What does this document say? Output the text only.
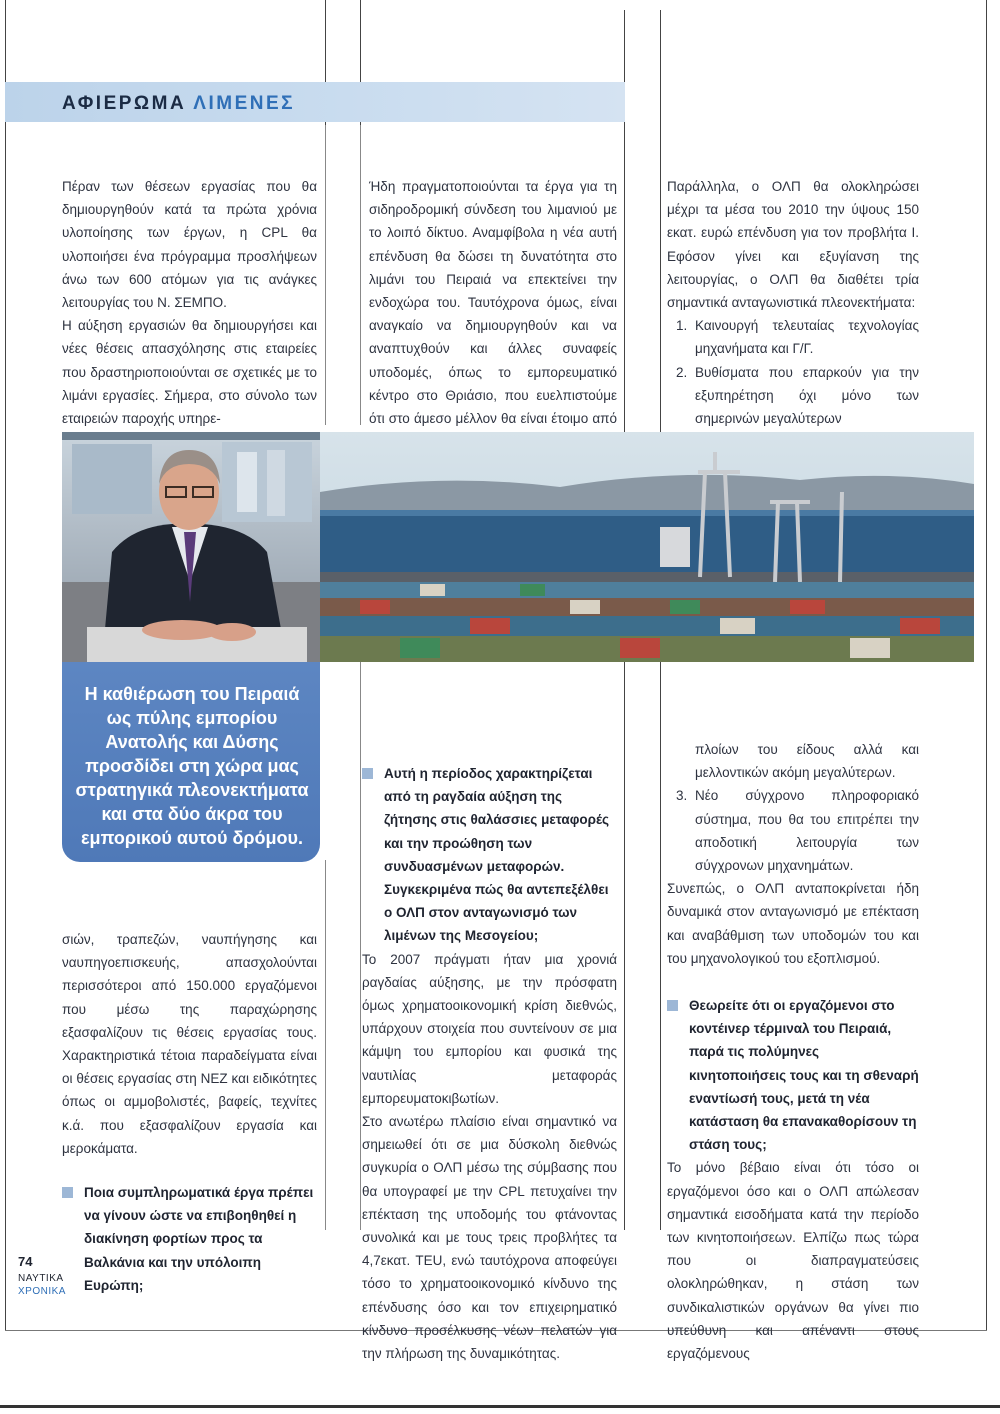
ΑΦΙΕΡΩΜΑ ΛΙΜΕΝΕΣ

Πέραν των θέσεων εργασίας που θα δημιουργηθούν κατά τα πρώτα χρόνια υλοποίησης των έργων, η CPL θα υλοποιήσει ένα πρόγραμμα προσλήψεων άνω των 600 ατόμων για τις ανάγκες λειτουργίας του Ν. ΣΕΜΠΟ.

Η αύξηση εργασιών θα δημιουργήσει και νέες θέσεις απασχόλησης στις εταιρείες που δραστηριοποιούνται σε σχετικές με το λιμάνι εργασίες. Σήμερα, στο σύνολο των εταιρειών παροχής υπηρε-

Ήδη πραγματοποιούνται τα έργα για τη σιδηροδρομική σύνδεση του λιμανιού με το λοιπό δίκτυο. Αναμφίβολα η νέα αυτή επένδυση θα δώσει τη δυνατότητα στο λιμάνι του Πειραιά να επεκτείνει την ενδοχώρα του. Ταυτόχρονα όμως, είναι αναγκαίο να δημιουργηθούν και να αναπτυχθούν και άλλες συναφείς υποδομές, όπως το εμπορευματικό κέντρο στο Θριάσιο, που ευελπιστούμε ότι στο άμεσο μέλλον θα είναι έτοιμο από

Παράλληλα, ο ΟΛΠ θα ολοκληρώσει μέχρι τα μέσα του 2010 την ύψους 150 εκατ. ευρώ επένδυση για τον προβλήτα Ι. Εφόσον γίνει και εξυγίανση της λειτουργίας, ο ΟΛΠ θα διαθέτει τρία σημαντικά ανταγωνιστικά πλεονεκτήματα:

1. Καινουργή τελευταίας τεχνολογίας μηχανήματα και Γ/Γ.
2. Βυθίσματα που επαρκούν για την εξυπηρέτηση όχι μόνο των σημερινών μεγαλύτερων
Η καθιέρωση του Πειραιά ως πύλης εμπορίου Ανατολής και Δύσης προσδίδει στη χώρα μας στρατηγικά πλεονεκτήματα και στα δύο άκρα του εμπορικού αυτού δρόμου.

σιών, τραπεζών, ναυπήγησης και ναυπηγοεπισκευής, απασχολούνται περισσότεροι από 150.000 εργαζόμενοι που μέσω της παραχώρησης εξασφαλίζουν τις θέσεις εργασίας τους. Χαρακτηριστικά τέτοια παραδείγματα είναι οι θέσεις εργασίας στη ΝΕΖ και ειδικότητες όπως οι αμμοβολιστές, βαφείς, τεχνίτες κ.ά. που εξασφαλίζουν εργασία και μεροκάματα.

Ποια συμπληρωματικά έργα πρέπει να γίνουν ώστε να επιβοηθηθεί η διακίνηση φορτίων προς τα Βαλκάνια και την υπόλοιπη Ευρώπη;
Αυτή η περίοδος χαρακτηρίζεται από τη ραγδαία αύξηση της ζήτησης στις θαλάσσιες μεταφορές και την προώθηση των συνδυασμένων μεταφορών. Συγκεκριμένα πώς θα αντεπεξέλθει ο ΟΛΠ στον ανταγωνισμό των λιμένων της Μεσογείου;

Το 2007 πράγματι ήταν μια χρονιά ραγδαίας αύξησης, με την πρόσφατη όμως χρηματοοικονομική κρίση διεθνώς, υπάρχουν στοιχεία που συντείνουν σε μια κάμψη του εμπορίου και φυσικά της ναυτιλίας μεταφοράς εμπορευματοκιβωτίων.

Στο ανωτέρω πλαίσιο είναι σημαντικό να σημειωθεί ότι σε μια δύσκολη διεθνώς συγκυρία ο ΟΛΠ μέσω της σύμβασης που θα υπογραφεί με την CPL πετυχαίνει την επέκταση της υποδομής του φτάνοντας συνολικά και με τους τρεις προβλήτες τα 4,7εκατ. TEU, ενώ ταυτόχρονα αποφεύγει τόσο το χρηματοοικονομικό κίνδυνο της επένδυσης όσο και τον επιχειρηματικό κίνδυνο προσέλκυσης νέων πελατών για την πλήρωση της δυναμικότητας.

πλοίων του είδους αλλά και μελλοντικών ακόμη μεγαλύτερων.

3. Νέο σύγχρονο πληροφοριακό σύστημα, που θα του επιτρέπει την αποδοτική λειτουργία των σύγχρονων μηχανημάτων.

Συνεπώς, ο ΟΛΠ ανταποκρίνεται ήδη δυναμικά στον ανταγωνισμό με επέκταση και αναβάθμιση των υποδομών του και του μηχανολογικού του εξοπλισμού.

Θεωρείτε ότι οι εργαζόμενοι στο κοντέινερ τέρμιναλ του Πειραιά, παρά τις πολύμηνες κινητοποιήσεις τους και τη σθεναρή εναντίωσή τους, μετά τη νέα κατάσταση θα επανακαθορίσουν τη στάση τους;

Το μόνο βέβαιο είναι ότι τόσο οι εργαζόμενοι όσο και ο ΟΛΠ απώλεσαν σημαντικά εισοδήματα κατά την περίοδο των κινητοποιήσεων. Ελπίζω πως τώρα που οι διαπραγματεύσεις ολοκληρώθηκαν, η στάση των συνδικαλιστικών οργάνων θα γίνει πιο υπεύθυνη και απέναντι στους εργαζόμενους

74
ΝΑΥΤΙΚΑ
ΧΡΟΝΙΚΑ
